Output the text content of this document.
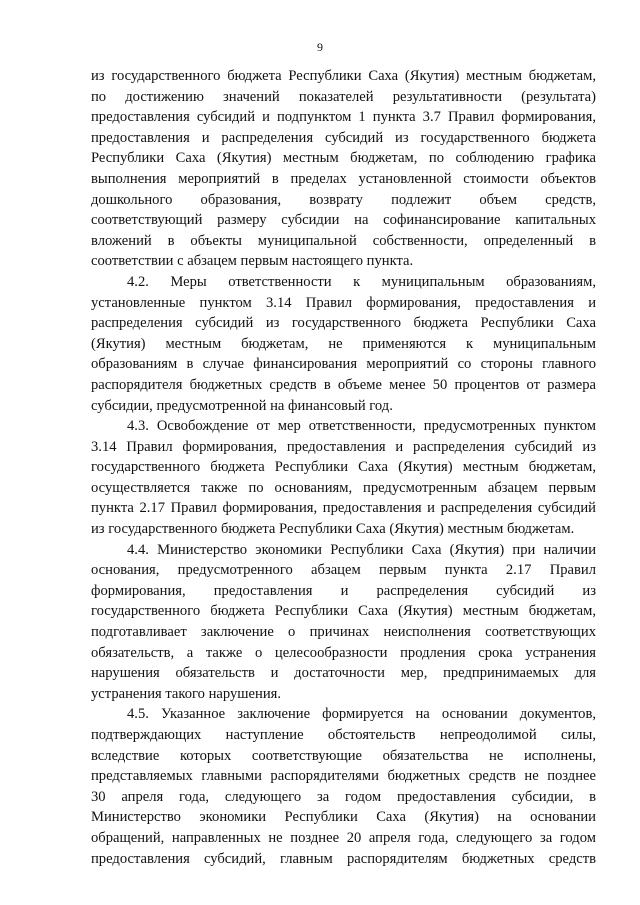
9
из государственного бюджета Республики Саха (Якутия) местным бюджетам,
по достижению значений показателей результативности (результата)
предоставления субсидий и подпунктом 1 пункта 3.7 Правил формирования,
предоставления и распределения субсидий из государственного бюджета
Республики Саха (Якутия) местным бюджетам, по соблюдению графика
выполнения мероприятий в пределах установленной стоимости объектов
дошкольного образования, возврату подлежит объем средств,
соответствующий размеру субсидии на софинансирование капитальных
вложений в объекты муниципальной собственности, определенный в
соответствии с абзацем первым настоящего пункта.
4.2. Меры ответственности к муниципальным образованиям,
установленные пунктом 3.14 Правил формирования, предоставления и
распределения субсидий из государственного бюджета Республики Саха
(Якутия) местным бюджетам, не применяются к муниципальным
образованиям в случае финансирования мероприятий со стороны главного
распорядителя бюджетных средств в объеме менее 50 процентов от размера
субсидии, предусмотренной на финансовый год.
4.3. Освобождение от мер ответственности, предусмотренных пунктом
3.14 Правил формирования, предоставления и распределения субсидий из
государственного бюджета Республики Саха (Якутия) местным бюджетам,
осуществляется также по основаниям, предусмотренным абзацем первым
пункта 2.17 Правил формирования, предоставления и распределения субсидий
из государственного бюджета Республики Саха (Якутия) местным бюджетам.
4.4. Министерство экономики Республики Саха (Якутия) при наличии
основания, предусмотренного абзацем первым пункта 2.17 Правил
формирования, предоставления и распределения субсидий из
государственного бюджета Республики Саха (Якутия) местным бюджетам,
подготавливает заключение о причинах неисполнения соответствующих
обязательств, а также о целесообразности продления срока устранения
нарушения обязательств и достаточности мер, предпринимаемых для
устранения такого нарушения.
4.5. Указанное заключение формируется на основании документов,
подтверждающих наступление обстоятельств непреодолимой силы,
вследствие которых соответствующие обязательства не исполнены,
представляемых главными распорядителями бюджетных средств не позднее
30 апреля года, следующего за годом предоставления субсидии, в
Министерство экономики Республики Саха (Якутия) на основании
обращений, направленных не позднее 20 апреля года, следующего за годом
предоставления субсидий, главным распорядителям бюджетных средств
